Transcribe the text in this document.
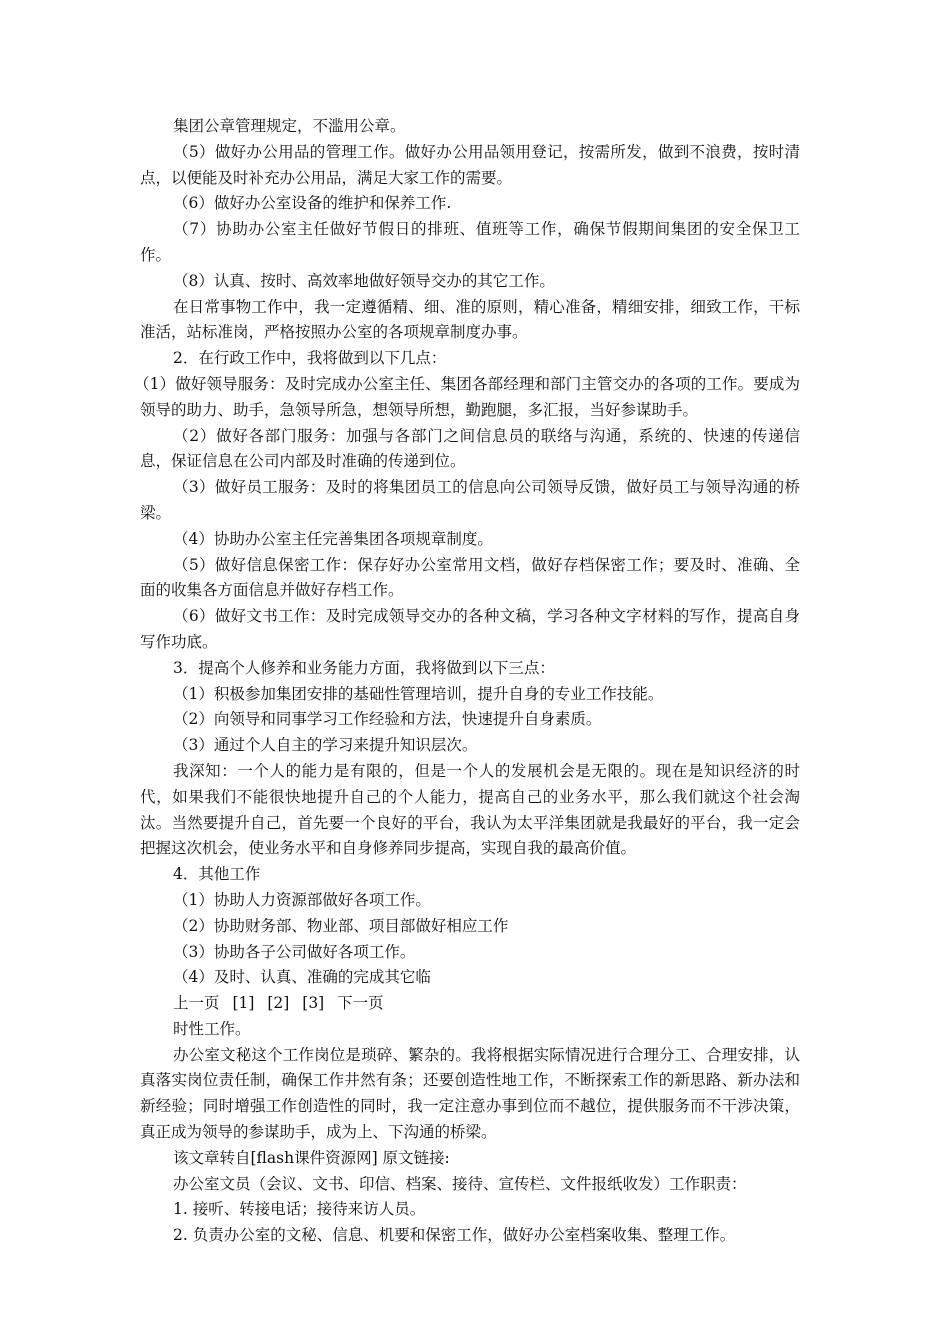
集团公章管理规定，不滥用公章。

（5）做好办公用品的管理工作。做好办公用品领用登记，按需所发，做到不浪费，按时清点，以便能及时补充办公用品，满足大家工作的需要。

（6）做好办公室设备的维护和保养工作.

（7）协助办公室主任做好节假日的排班、值班等工作，确保节假期间集团的安全保卫工作。

（8）认真、按时、高效率地做好领导交办的其它工作。

在日常事物工作中，我一定遵循精、细、准的原则，精心准备，精细安排，细致工作，干标准活，站标准岗，严格按照办公室的各项规章制度办事。

2．在行政工作中，我将做到以下几点：

（1）做好领导服务：及时完成办公室主任、集团各部经理和部门主管交办的各项的工作。要成为领导的助力、助手，急领导所急，想领导所想，勤跑腿，多汇报，当好参谋助手。

（2）做好各部门服务：加强与各部门之间信息员的联络与沟通，系统的、快速的传递信息，保证信息在公司内部及时准确的传递到位。

（3）做好员工服务：及时的将集团员工的信息向公司领导反馈，做好员工与领导沟通的桥梁。

（4）协助办公室主任完善集团各项规章制度。

（5）做好信息保密工作：保存好办公室常用文档，做好存档保密工作；要及时、准确、全面的收集各方面信息并做好存档工作。

（6）做好文书工作：及时完成领导交办的各种文稿，学习各种文字材料的写作，提高自身写作功底。

3．提高个人修养和业务能力方面，我将做到以下三点：

（1）积极参加集团安排的基础性管理培训，提升自身的专业工作技能。

（2）向领导和同事学习工作经验和方法，快速提升自身素质。

（3）通过个人自主的学习来提升知识层次。

我深知：一个人的能力是有限的，但是一个人的发展机会是无限的。现在是知识经济的时代，如果我们不能很快地提升自己的个人能力，提高自己的业务水平，那么我们就这个社会淘汰。当然要提升自己，首先要一个良好的平台，我认为太平洋集团就是我最好的平台，我一定会把握这次机会，使业务水平和自身修养同步提高，实现自我的最高价值。

4．其他工作

（1）协助人力资源部做好各项工作。

（2）协助财务部、物业部、项目部做好相应工作

（3）协助各子公司做好各项工作。

（4）及时、认真、准确的完成其它临

上一页 [1] [2] [3] 下一页

时性工作。

办公室文秘这个工作岗位是琐碎、繁杂的。我将根据实际情况进行合理分工、合理安排，认真落实岗位责任制，确保工作井然有条；还要创造性地工作，不断探索工作的新思路、新办法和新经验；同时增强工作创造性的同时，我一定注意办事到位而不越位，提供服务而不干涉决策，真正成为领导的参谋助手，成为上、下沟通的桥梁。

该文章转自[flash课件资源网] 原文链接:

办公室文员（会议、文书、印信、档案、接待、宣传栏、文件报纸收发）工作职责：

1. 接听、转接电话；接待来访人员。

2. 负责办公室的文秘、信息、机要和保密工作，做好办公室档案收集、整理工作。
